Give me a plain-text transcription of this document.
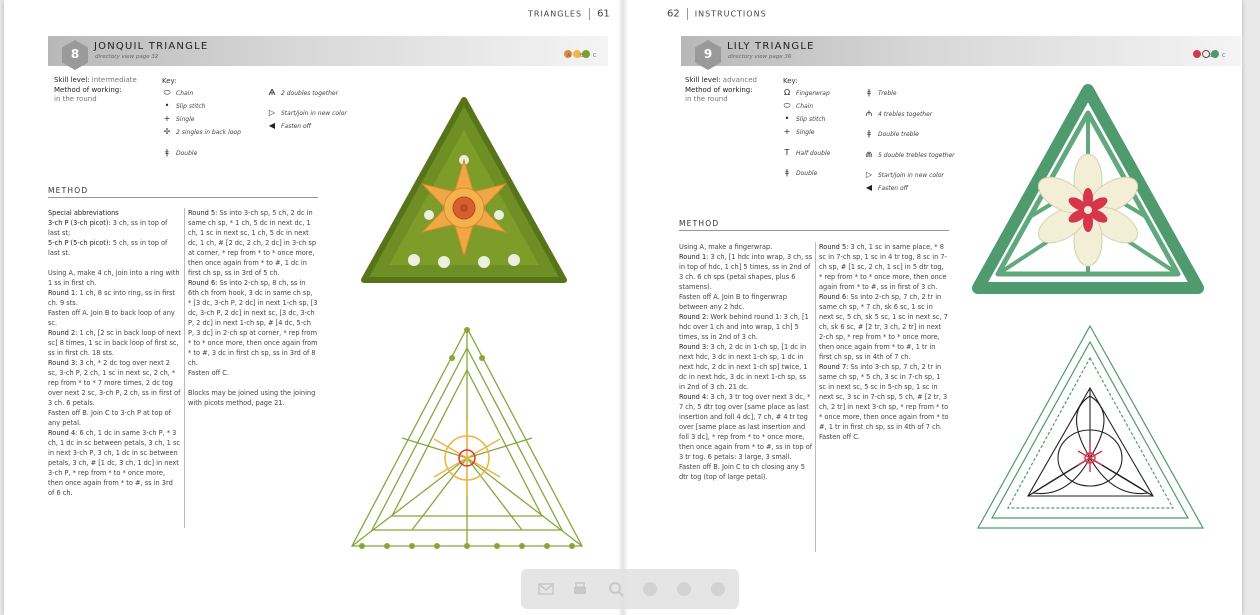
TRIANGLES 61
8
JONQUIL TRIANGLE
directory view page 32	A B C
Skill level: intermediate
Method of working:
in the round
Key:
⬭ Chain
• Slip stitch
+ Single
✢ 2 singles in back loop
ǂ Double
Ѧ 2 doubles together
▷ Start/join in new color
◀ Fasten off
METHOD

Special abbreviations

3-ch P (3-ch picot): 3 ch, ss in top of last st;

5-ch P (5-ch picot): 5 ch, ss in top of last st.

Using A, make 4 ch, join into a ring with 1 ss in first ch.

Round 1: 1 ch, 8 sc into ring, ss in first ch. 9 sts.

Fasten off A. Join B to back loop of any sc.

Round 2: 1 ch, [2 sc in back loop of next sc] 8 times, 1 sc in back loop of first sc, ss in first ch. 18 sts.

Round 3: 3 ch, * 2 dc tog over next 2 sc, 3-ch P, 2 ch, 1 sc in next sc, 2 ch, * rep from * to * 7 more times, 2 dc tog over next 2 sc, 3-ch P, 2 ch, ss in first of 3 ch. 6 petals.

Fasten off B. Join C to 3-ch P at top of any petal.

Round 4: 6 ch, 1 dc in same 3-ch P, * 3 ch, 1 dc in sc between petals, 3 ch, 1 sc in next 3-ch P, 3 ch, 1 dc in sc between petals, 3 ch, # [1 dc, 3 ch, 1 dc] in next 3-ch P, * rep from * to * once more, then once again from * to #, ss in 3rd of 6 ch.

Round 5: Ss into 3-ch sp, 5 ch, 2 dc in same ch sp, * 1 ch, 5 dc in next dc, 1 ch, 1 sc in next sc, 1 ch, 5 dc in next dc, 1 ch, # [2 dc, 2 ch, 2 dc] in 3-ch sp at corner, * rep from * to * once more, then once again from * to #, 1 dc in first ch sp, ss in 3rd of 5 ch.

Round 6: Ss into 2-ch sp, 8 ch, ss in 6th ch from hook, 3 dc in same ch sp, * [3 dc, 3-ch P, 2 dc] in next 1-ch sp, [3 dc, 3-ch P, 2 dc] in next sc, [3 dc, 3-ch P, 2 dc] in next 1-ch sp, # [4 dc, 5-ch P, 3 dc] in 2-ch sp at corner, * rep from * to * once more, then once again from * to #, 3 dc in first ch sp, ss in 3rd of 8 ch.

Fasten off C.

Blocks may be joined using the joining with picots method, page 21.

62 INSTRUCTIONS
9
LILY TRIANGLE
directory view page 36	A B C
Skill level: advanced
Method of working:
in the round
Key:
Ω Fingerwrap
⬭ Chain
• Slip stitch
+ Single
T Half double
ǂ Double
ǂ Treble
₼ 4 trebles together
ǂ Double treble
⋒ 5 double trebles together
▷ Start/join in new color
◀ Fasten off
METHOD

Using A, make a fingerwrap.

Round 1: 3 ch, [1 hdc into wrap, 3 ch, ss in top of hdc, 1 ch] 5 times, ss in 2nd of 3 ch. 6 ch sps (petal shapes, plus 6 stamens).

Fasten off A. Join B to fingerwrap between any 2 hdc.

Round 2: Work behind round 1: 3 ch, [1 hdc over 1 ch and into wrap, 1 ch] 5 times, ss in 2nd of 3 ch.

Round 3: 3 ch, 2 dc in 1-ch sp, [1 dc in next hdc, 3 dc in next 1-ch sp, 1 dc in next hdc, 2 dc in next 1-ch sp] twice, 1 dc in next hdc, 3 dc in next 1-ch sp, ss in 2nd of 3 ch. 21 dc.

Round 4: 3 ch, 3 tr tog over next 3 dc, * 7 ch, 5 dtr tog over [same place as last insertion and foll 4 dc], 7 ch, # 4 tr tog over [same place as last insertion and foll 3 dc], * rep from * to * once more, then once again from * to #, ss in top of 3 tr tog. 6 petals: 3 large, 3 small.

Fasten off B. Join C to ch closing any 5 dtr tog (top of large petal).

Round 5: 3 ch, 1 sc in same place, * 8 sc in 7-ch sp, 1 sc in 4 tr tog, 8 sc in 7-ch sp, # [1 sc, 2 ch, 1 sc] in 5 dtr tog, * rep from * to * once more, then once again from * to #, ss in first of 3 ch.

Round 6: Ss into 2-ch sp, 7 ch, 2 tr in same ch sp, * 7 ch, sk 6 sc, 1 sc in next sc, 5 ch, sk 5 sc, 1 sc in next sc, 7 ch, sk 6 sc, # [2 tr, 3 ch, 2 tr] in next 2-ch sp, * rep from * to * once more, then once again from * to #, 1 tr in first ch sp, ss in 4th of 7 ch.

Round 7: Ss into 3-ch sp, 7 ch, 2 tr in same ch sp, * 5 ch, 3 sc in 7-ch sp, 1 sc in next sc, 5 sc in 5-ch sp, 1 sc in next sc, 3 sc in 7-ch sp, 5 ch, # [2 tr, 3 ch, 2 tr] in next 3-ch sp, * rep from * to * once more, then once again from * to #, 1 tr in first ch sp, ss in 4th of 7 ch.

Fasten off C.
